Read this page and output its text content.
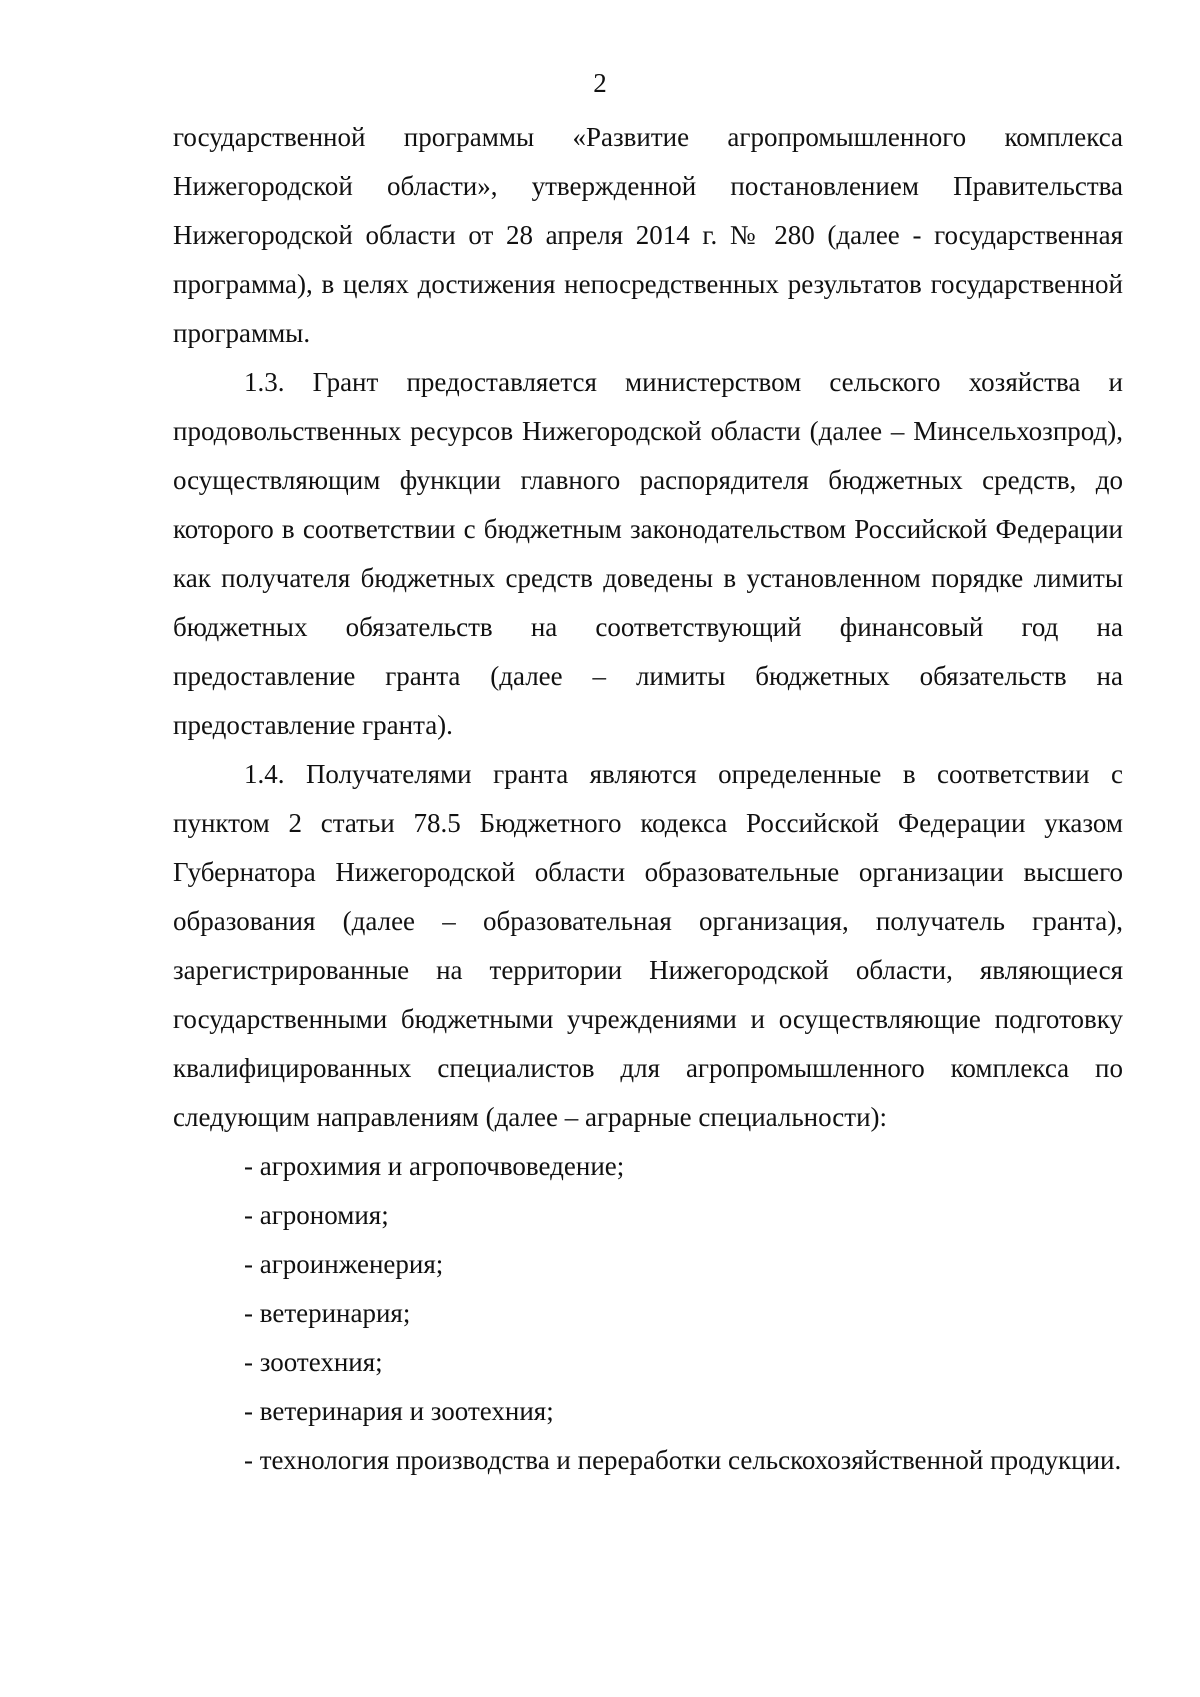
2

государственной программы «Развитие агропромышленного комплекса Нижегородской области», утвержденной постановлением Правительства Нижегородской области от 28 апреля 2014 г. № 280 (далее - государственная программа), в целях достижения непосредственных результатов государственной программы.

1.3. Грант предоставляется министерством сельского хозяйства и продовольственных ресурсов Нижегородской области (далее – Минсельхозпрод), осуществляющим функции главного распорядителя бюджетных средств, до которого в соответствии с бюджетным законодательством Российской Федерации как получателя бюджетных средств доведены в установленном порядке лимиты бюджетных обязательств на соответствующий финансовый год на предоставление гранта (далее – лимиты бюджетных обязательств на предоставление гранта).

1.4. Получателями гранта являются определенные в соответствии с пунктом 2 статьи 78.5 Бюджетного кодекса Российской Федерации указом Губернатора Нижегородской области образовательные организации высшего образования (далее – образовательная организация, получатель гранта), зарегистрированные на территории Нижегородской области, являющиеся государственными бюджетными учреждениями и осуществляющие подготовку квалифицированных специалистов для агропромышленного комплекса по следующим направлениям (далее – аграрные специальности):

- агрохимия и агропочвоведение;

- агрономия;

- агроинженерия;

- ветеринария;

- зоотехния;

- ветеринария и зоотехния;

- технология производства и переработки сельскохозяйственной продукции.
